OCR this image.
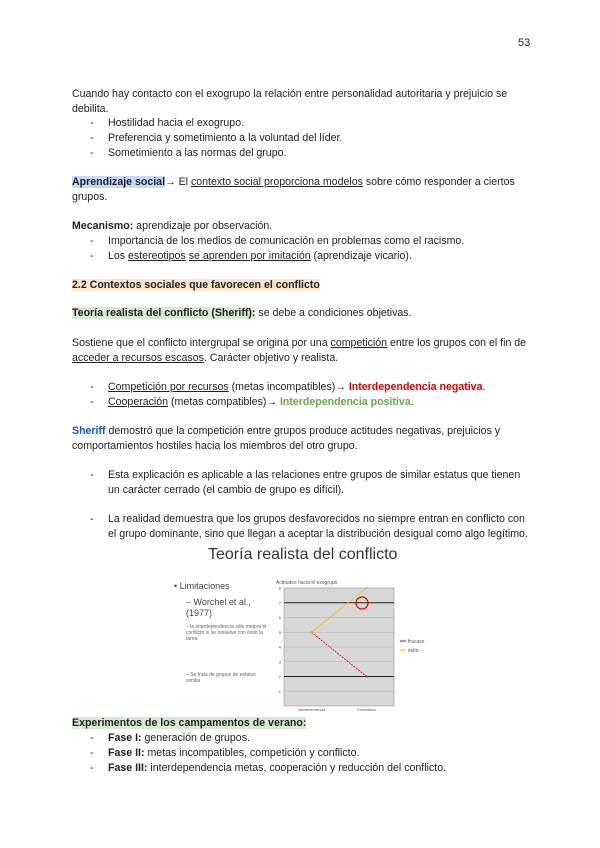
53
Cuando hay contacto con el exogrupo la relación entre personalidad autoritaria y prejuicio se debilita.
- Hostilidad hacia el exogrupo.
- Preferencia y sometimiento a la voluntad del líder.
- Sometimiento a las normas del grupo.
Aprendizaje social→ El contexto social proporciona modelos sobre cómo responder a ciertos grupos.
Mecanismo: aprendizaje por observación.
- Importancia de los medios de comunicación en problemas como el racismo.
- Los estereotipos se aprenden por imitación (aprendizaje vicario).
2.2 Contextos sociales que favorecen el conflicto
Teoría realista del conflicto (Sheriff): se debe a condiciones objetivas.
Sostiene que el conflicto intergrupal se origina por una competición entre los grupos con el fin de acceder a recursos escasos. Carácter objetivo y realista.
- Competición por recursos (metas incompatibles)→ Interdependencia negativa.
- Cooperación (metas compatibles)→ Interdependencia positiva.
Sheriff demostró que la competición entre grupos produce actitudes negativas, prejuicios y comportamientos hostiles hacia los miembros del otro grupo.
- Esta explicación es aplicable a las relaciones entre grupos de similar estatus que tienen un carácter cerrado (el cambio de grupo es difícil).
- La realidad demuestra que los grupos desfavorecidos no siempre entran en conflicto con el grupo dominante, sino que llegan a aceptar la distribución desigual como algo legítimo.
Teoría realista del conflicto
• Limitaciones
– Worchel et al., (1977)
– la interdependencia sólo mejora el conflicto si se resuelve con éxito la tarea
– Se trata de grupos de estatus similar
Actitudes hacia el exogrupo
1
2
3
4
5
6
7
8
Interdependencia	Competición
fracaso
éxito
Experimentos de los campamentos de verano:
- Fase I: generación de grupos.
- Fase II: metas incompatibles, competición y conflicto.
- Fase III: interdependencia metas, cooperación y reducción del conflicto.
